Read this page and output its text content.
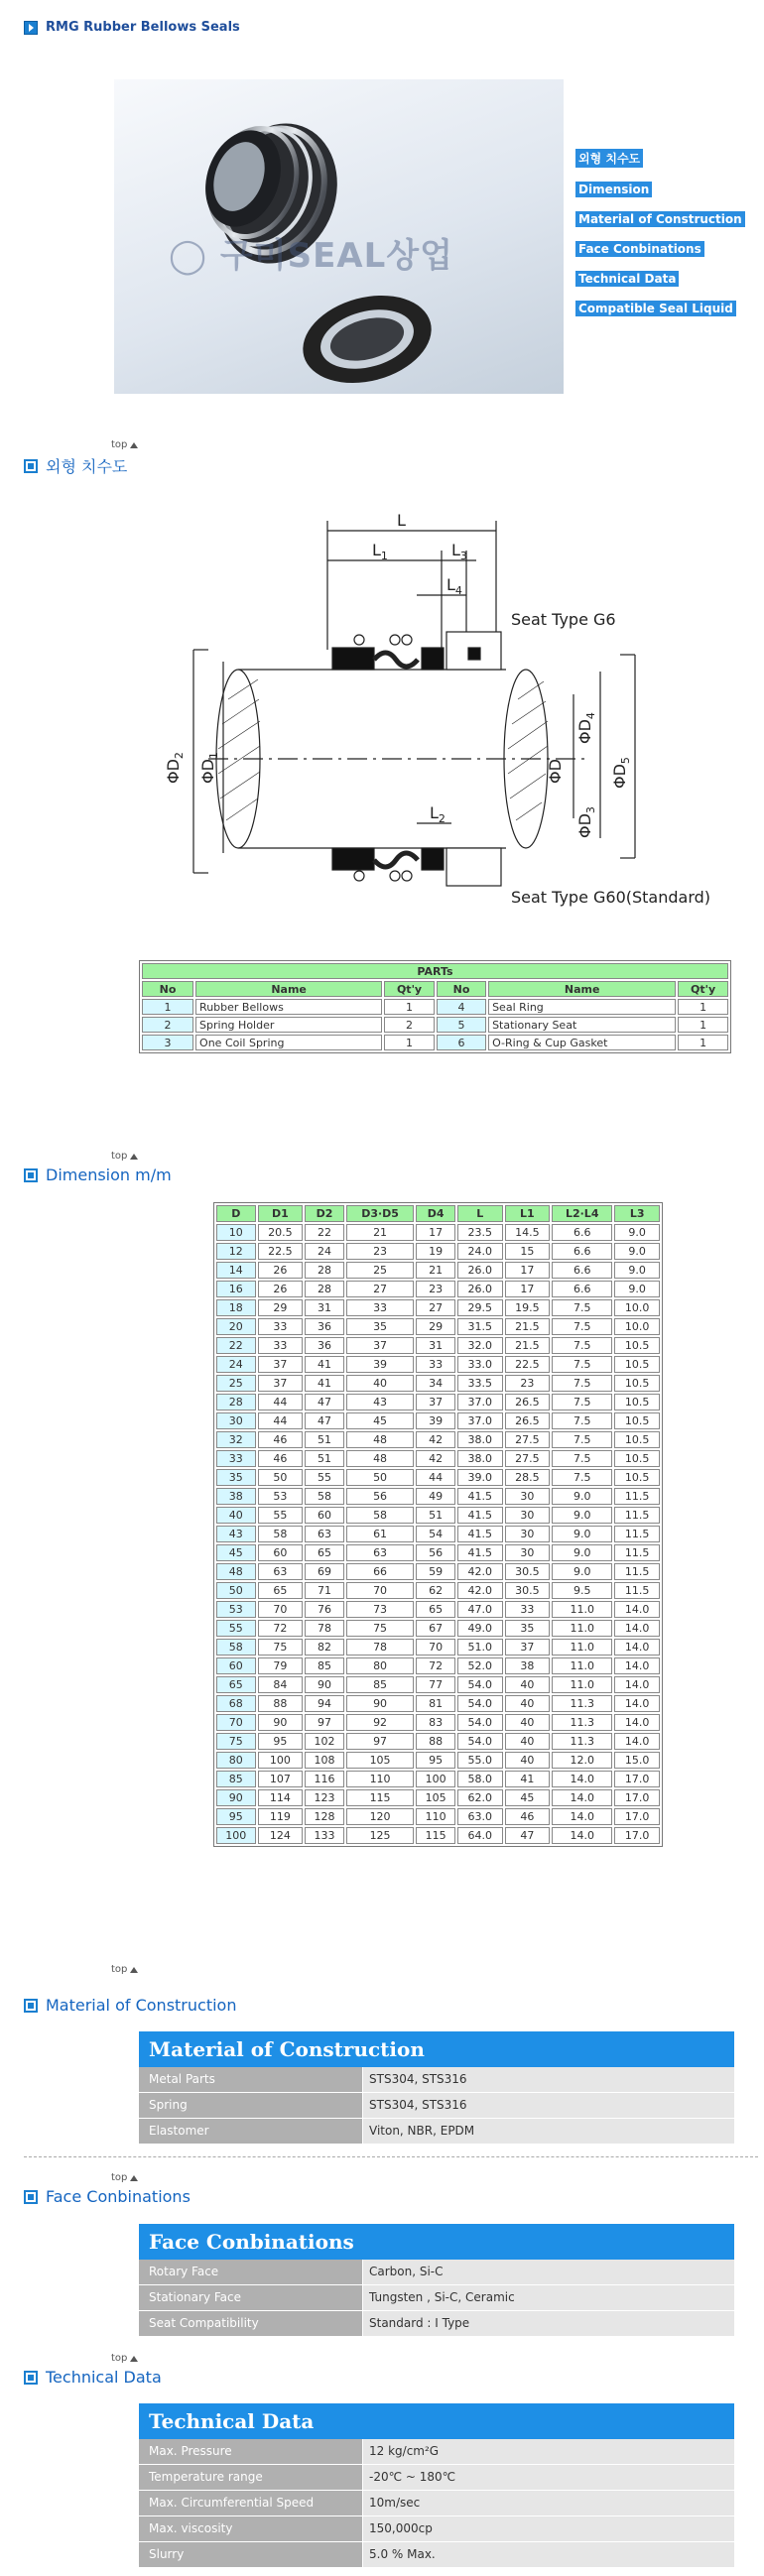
RMG Rubber Bellows Seals
◯ 구미SEAL상업
외형 치수도
Dimension
Material of Construction
Face Conbinations
Technical Data
Compatible Seal Liquid
top
외형 치수도
L
$L_1$	$L_3$
$L_4$
$L_2$
Seat Type G6
Seat Type G60(Standard)
$\Phi D_2$
$\Phi D_1$
ΦD
$\Phi D_4$
$\Phi D_3$
$\Phi D_5$
PARTs					
No	Name	Qt'y	No	Name	Qt'y
1	Rubber Bellows	1	4	Seal Ring	1
2	Spring Holder	2	5	Stationary Seat	1
3	One Coil Spring	1	6	O-Ring & Cup Gasket	1
top
Dimension m/m
D	D1	D2	D3·D5	D4	L	L1	L2·L4	L3
10	20.5	22	21	17	23.5	14.5	6.6	9.0
12	22.5	24	23	19	24.0	15	6.6	9.0
14	26	28	25	21	26.0	17	6.6	9.0
16	26	28	27	23	26.0	17	6.6	9.0
18	29	31	33	27	29.5	19.5	7.5	10.0
20	33	36	35	29	31.5	21.5	7.5	10.0
22	33	36	37	31	32.0	21.5	7.5	10.5
24	37	41	39	33	33.0	22.5	7.5	10.5
25	37	41	40	34	33.5	23	7.5	10.5
28	44	47	43	37	37.0	26.5	7.5	10.5
30	44	47	45	39	37.0	26.5	7.5	10.5
32	46	51	48	42	38.0	27.5	7.5	10.5
33	46	51	48	42	38.0	27.5	7.5	10.5
35	50	55	50	44	39.0	28.5	7.5	10.5
38	53	58	56	49	41.5	30	9.0	11.5
40	55	60	58	51	41.5	30	9.0	11.5
43	58	63	61	54	41.5	30	9.0	11.5
45	60	65	63	56	41.5	30	9.0	11.5
48	63	69	66	59	42.0	30.5	9.0	11.5
50	65	71	70	62	42.0	30.5	9.5	11.5
53	70	76	73	65	47.0	33	11.0	14.0
55	72	78	75	67	49.0	35	11.0	14.0
58	75	82	78	70	51.0	37	11.0	14.0
60	79	85	80	72	52.0	38	11.0	14.0
65	84	90	85	77	54.0	40	11.0	14.0
68	88	94	90	81	54.0	40	11.3	14.0
70	90	97	92	83	54.0	40	11.3	14.0
75	95	102	97	88	54.0	40	11.3	14.0
80	100	108	105	95	55.0	40	12.0	15.0
85	107	116	110	100	58.0	41	14.0	17.0
90	114	123	115	105	62.0	45	14.0	17.0
95	119	128	120	110	63.0	46	14.0	17.0
100	124	133	125	115	64.0	47	14.0	17.0
top
Material of Construction
Material of Construction
Metal Parts	STS304, STS316
Spring	STS304, STS316
Elastomer	Viton, NBR, EPDM
top
Face Conbinations
Face Conbinations
Rotary Face	Carbon, Si-C
Stationary Face	Tungsten , Si-C, Ceramic
Seat Compatibility	Standard : I Type
top
Technical Data
Technical Data
Max. Pressure	12 kg/cm²G
Temperature range	-20℃ ~ 180℃
Max. Circumferential Speed	10m/sec
Max. viscosity	150,000cp
Slurry	5.0 % Max.
